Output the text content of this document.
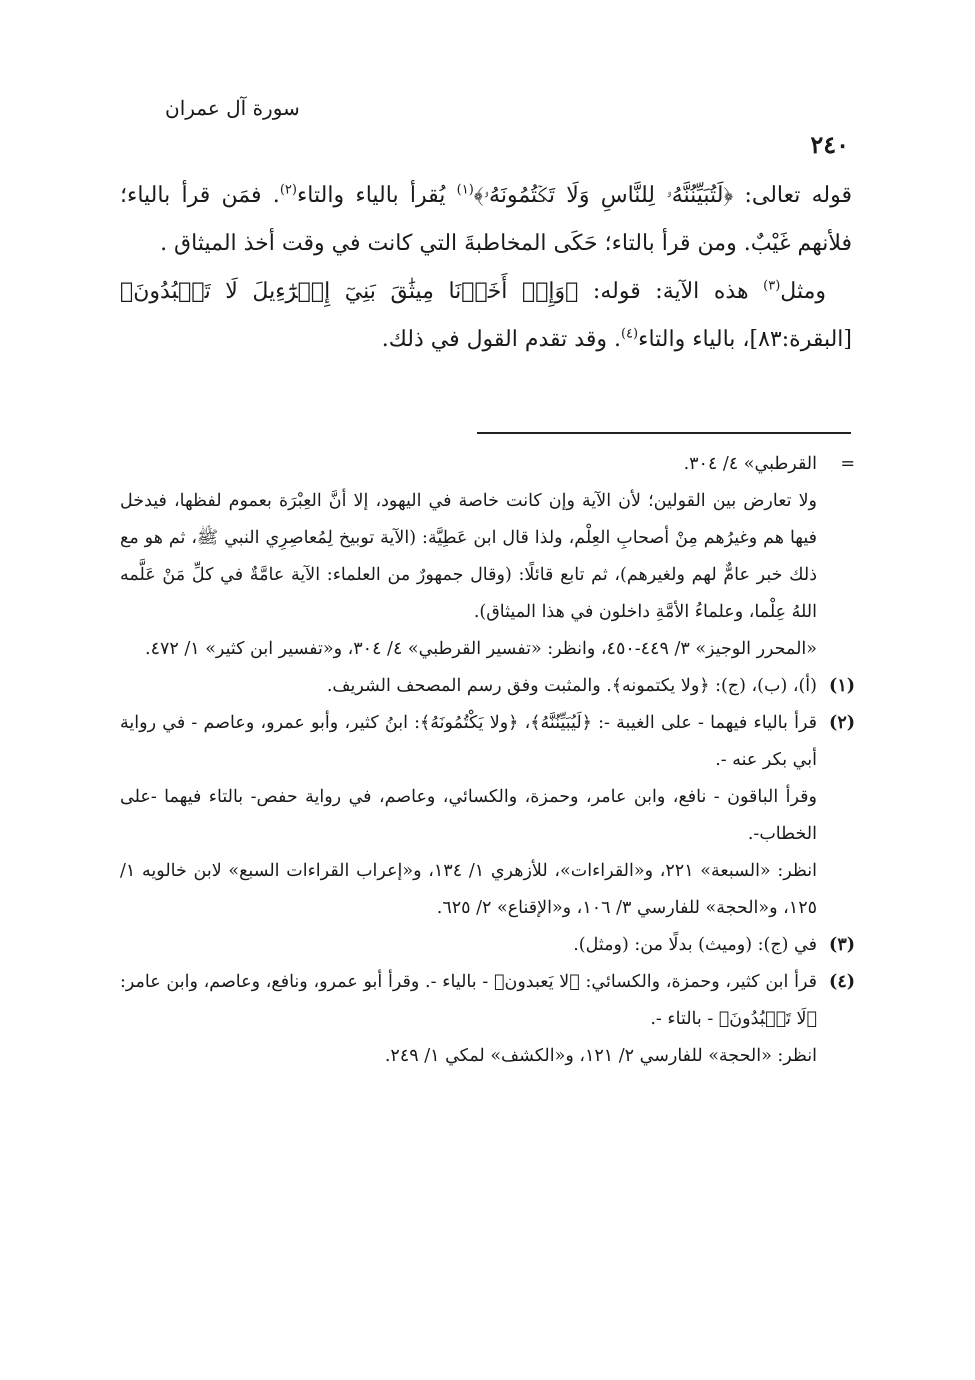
سورة آل عمران
٢٤٠

قوله تعالى: ﴿لَتُبَيِّنُنَّهُۥ لِلنَّاسِ وَلَا تَكۡتُمُونَهُۥ﴾$^{(١)}$ يُقرأ بالياء والتاء$^{(٢)}$. فمَن قرأ بالياء؛ فلأنهم غَيْبٌ. ومن قرأ بالتاء؛ حَكَى المخاطبةَ التي كانت في وقت أخذ الميثاق .

ومثل$^{(٣)}$ هذه الآية: قوله: ﴿وَإِذۡ أَخَذۡنَا مِيثَٰقَ بَنِيٓ إِسۡرَٰٓءِيلَ لَا تَعۡبُدُونَ﴾ [البقرة:٨٣]، بالياء والتاء$^{(٤)}$. وقد تقدم القول في ذلك.

=
القرطبي» ٤/ ٣٠٤.

ولا تعارض بين القولين؛ لأن الآية وإن كانت خاصة في اليهود، إلا أنَّ العِبْرَة بعموم لفظها، فيدخل فيها هم وغيرُهم مِنْ أصحابِ العِلْم، ولذا قال ابن عَطِيَّة: (الآية توبيخ لِمُعاصِرِي النبي ﷺ، ثم هو مع ذلك خبر عامٌّ لهم ولغيرهم)، ثم تابع قائلًا: (وقال جمهورٌ من العلماء: الآية عامَّةٌ في كلِّ مَنْ عَلَّمه اللهُ عِلْما، وعلماءُ الأمَّةِ داخلون في هذا الميثاق).

«المحرر الوجيز» ٣/ ٤٤٩-٤٥٠، وانظر: «تفسير القرطبي» ٤/ ٣٠٤، و«تفسير ابن كثير» ١/ ٤٧٢.

(١)

(أ)، (ب)، (ج): ﴿ولا يكتمونه﴾. والمثبت وفق رسم المصحف الشريف.

(٢)

قرأ بالياء فيهما - على الغيبة -: ﴿لَيُبَيِّنُنَّهُ﴾، ﴿ولا يَكْتُمُونَهُ﴾: ابنُ كثير، وأبو عمرو، وعاصم - في رواية أبي بكر عنه -.

وقرأ الباقون - نافع، وابن عامر، وحمزة، والكسائي، وعاصم، في رواية حفص- بالتاء فيهما -على الخطاب-.

انظر: «السبعة» ٢٢١، و«القراءات»، للأزهري ١/ ١٣٤، و«إعراب القراءات السبع» لابن خالويه ١/ ١٢٥، و«الحجة» للفارسي ٣/ ١٠٦، و«الإقناع» ٢/ ٦٢٥.

(٣)

في (ج): (وميث) بدلًا من: (ومثل).

(٤)

قرأ ابن كثير، وحمزة، والكسائي: ﴿لا يَعبدون﴾ - بالياء -. وقرأ أبو عمرو، ونافع، وعاصم، وابن عامر: ﴿لَا تَعۡبُدُونَ﴾ - بالتاء -.

انظر: «الحجة» للفارسي ٢/ ١٢١، و«الكشف» لمكي ١/ ٢٤٩.
